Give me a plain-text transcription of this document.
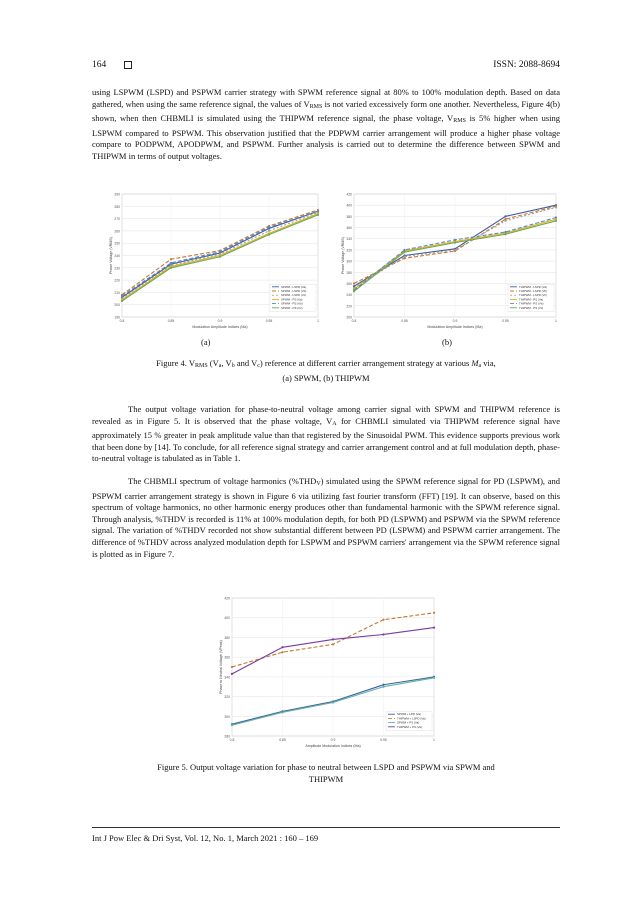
164	ISSN: 2088-8694

using LSPWM (LSPD) and PSPWM carrier strategy with SPWM reference signal at 80% to 100% modulation depth. Based on data gathered, when using the same reference signal, the values of $V_{RMS}$ is not varied excessively form one another. Nevertheless, Figure 4(b) shown, when then CHBMLI is simulated using the THIPWM reference signal, the phase voltage, $V_{RMS}$ is 5% higher when using LSPWM compared to PSPWM. This observation justified that the PDPWM carrier arrangement will produce a higher phase voltage compare to PODPWM, APODPWM, and PSPWM. Further analysis is carried out to determine the difference between SPWM and THIPWM in terms of output voltages.

190
200
210
220
230
240
250
260
270
280
290
0.8	0.85	0.9	0.95	1
Modulation Amplitude Indices (Ma)
Phase Voltage (VRMS)
SPWM - LSPD (Va)
SPWM - LSPD (Vb)
SPWM - LSPD (Vc)
SPWM - PS (Va)
SPWM - PS (Vb)
SPWM - PS (Vc)
200
220
240
260
280
300
320
340
360
380
400
420
0.8	0.85	0.9	0.95	1
Modulation Amplitude Indices (Ma)
Phase Voltage (VRMS)
THIPWM - LSPD (Va)
THIPWM - LSPD (Vb)
THIPWM - LSPD (Vc)
THIPWM - PS (Va)
THIPWM - PS (Vb)
THIPWM - PS (Vc)
(a)	(b)

Figure 4. $V_{RMS}$ ($V_a$, $V_b$ and $V_c$) reference at different carrier arrangement strategy at various $M_a$ via,
(a) SPWM, (b) THIPWM

The output voltage variation for phase-to-neutral voltage among carrier signal with SPWM and THIPWM reference is revealed as in Figure 5. It is observed that the phase voltage, $V_A$ for CHBMLI simulated via THIPWM reference signal have approximately 15 % greater in peak amplitude value than that registered by the Sinusoidal PWM. This evidence supports previous work that been done by [14]. To conclude, for all reference signal strategy and carrier arrangement control and at full modulation depth, phase-to-neutral voltage is tabulated as in Table 1.

The CHBMLI spectrum of voltage harmonics $(\%THD_V)$ simulated using the SPWM reference signal for PD (LSPWM), and PSPWM carrier arrangement strategy is shown in Figure 6 via utilizing fast fourier transform (FFT) [19]. It can observe, based on this spectrum of voltage harmonics, no other harmonic energy produces other than fundamental harmonic with the SPWM reference signal. Through analysis, %THDV is recorded is 11% at 100% modulation depth, for both PD (LSPWM) and PSPWM via the SPWM reference signal. The variation of %THDV recorded not show substantial different between PD (LSPWM) and PSPWM carrier arrangement. The difference of %THDV across analyzed modulation depth for LSPWM and PSPWM carriers' arrangement via the SPWM reference signal is plotted as in Figure 7.

280
300
320
340
360
380
400
420
0.8	0.85	0.9	0.95	1
Amplitude Modulation Indices (Ma)
Phase to Neutral Voltage (VPeak)
SPWM + LPD (Va)
THIPWM + LSPD (Va)
SPWM + PS (Va)
THIPWM + PS (Va)

Figure 5. Output voltage variation for phase to neutral between LSPD and PSPWM via SPWM and
THIPWM

Int J Pow Elec & Dri Syst, Vol. 12, No. 1, March 2021 : 160 – 169
